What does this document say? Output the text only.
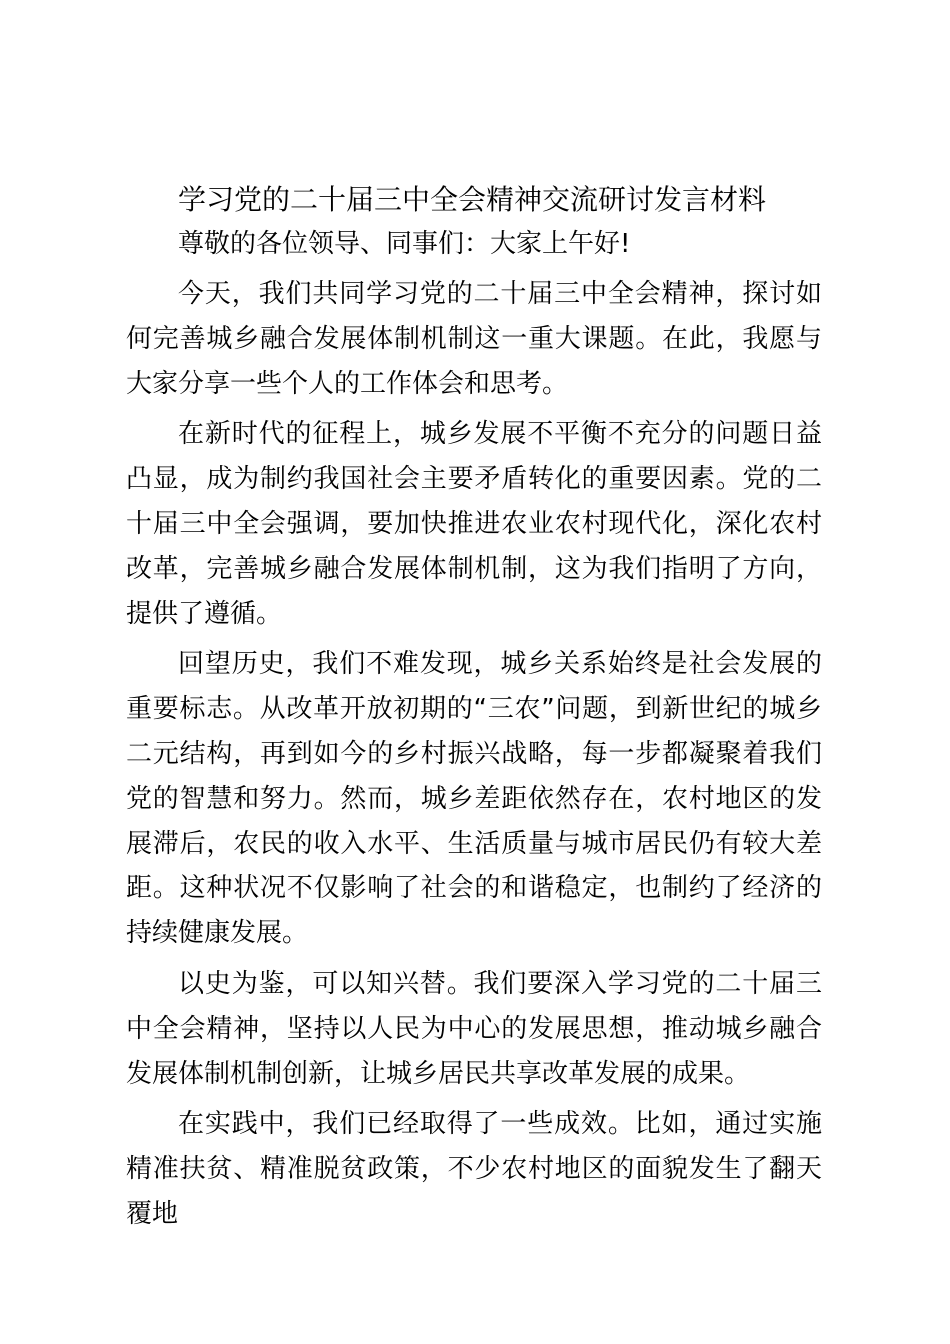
学习党的二十届三中全会精神交流研讨发言材料

尊敬的各位领导、同事们：大家上午好!

今天，我们共同学习党的二十届三中全会精神，探讨如何完善城乡融合发展体制机制这一重大课题。在此，我愿与大家分享一些个人的工作体会和思考。

在新时代的征程上，城乡发展不平衡不充分的问题日益凸显，成为制约我国社会主要矛盾转化的重要因素。党的二十届三中全会强调，要加快推进农业农村现代化，深化农村改革，完善城乡融合发展体制机制，这为我们指明了方向，提供了遵循。

回望历史，我们不难发现，城乡关系始终是社会发展的重要标志。从改革开放初期的“三农”问题，到新世纪的城乡二元结构，再到如今的乡村振兴战略，每一步都凝聚着我们党的智慧和努力。然而，城乡差距依然存在，农村地区的发展滞后，农民的收入水平、生活质量与城市居民仍有较大差距。这种状况不仅影响了社会的和谐稳定，也制约了经济的持续健康发展。

以史为鉴，可以知兴替。我们要深入学习党的二十届三中全会精神，坚持以人民为中心的发展思想，推动城乡融合发展体制机制创新，让城乡居民共享改革发展的成果。

在实践中，我们已经取得了一些成效。比如，通过实施精准扶贫、精准脱贫政策，不少农村地区的面貌发生了翻天覆地
